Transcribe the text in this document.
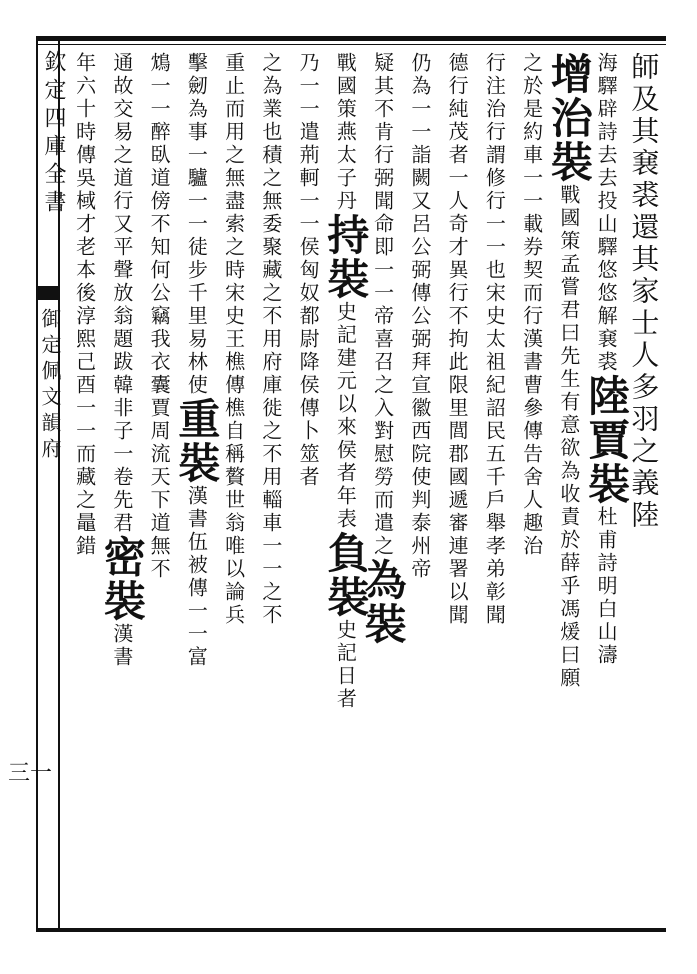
欽定四庫全書
御定佩文韻府
三一
師及其㐮裘還其家士人多羽之義陸
海驛辟詩去去投山驛悠悠解㐮裘陸賈裝杜甫詩明白山濤
增治裝戰國策孟嘗君曰先生有意欲為收責於薛乎馮煖曰願
之於是約車一一載券契而行漢書曹參傳告舍人趣治
行注治行謂修行一一也宋史太祖紀詔民五千戶舉孝弟彰聞
德行純茂者一人奇才異行不拘此限里閭郡國遞審連署以聞
仍為一一詣闕又呂公弼傳公弼拜宣徽西院使判泰州帝
疑其不肯行弼聞命即一一帝喜召之入對慰勞而遣之為裝
戰國策燕太子丹持裝史記建元以來侯者年表負裝史記日者
乃一一遣荊軻一一侯匈奴都尉降侯傳卜筮者
之為業也積之無委聚藏之不用府庫徙之不用輜車一一之不
重止而用之無盡索之時宋史王樵傳樵自稱贅世翁唯以論兵
擊劒為事一驢一一徒步千里易林使重裝漢書伍被傳一一富
鴆一一醉臥道傍不知何公竊我衣囊賈周流天下道無不
通故交易之道行又平聲放翁題跋韓非子一卷先君密裝漢書
年六十時傳吳棫才老本後淳熙己酉一一而藏之鼂錯
